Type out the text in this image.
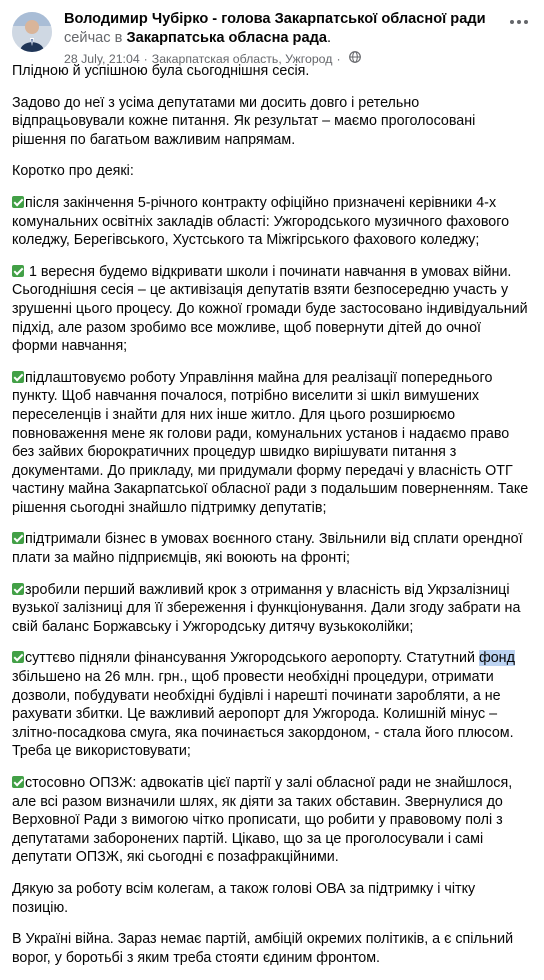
Володимир Чубірко - голова Закарпатської обласної ради сейчас в Закарпатська обласна рада.
28 July, 21:04 · Закарпатская область, Ужгород ·

Плідною й успішною була сьогоднішня сесія.

Задово до неї з усіма депутатами ми досить довго і ретельно відпрацьовували кожне питання. Як результат – маємо проголосовані рішення по багатьом важливим напрямам.

Коротко про деякі:

після закінчення 5-річного контракту офіційно призначені керівники 4-х комунальних освітніх закладів області: Ужгородського музичного фахового коледжу, Берегівського, Хустського та Міжгірського фахового коледжу;

1 вересня будемо відкривати школи і починати навчання в умовах війни. Сьогоднішня сесія – це активізація депутатів взяти безпосередню участь у зрушенні цього процесу. До кожної громади буде застосовано індивідуальний підхід, але разом зробимо все можливе, щоб повернути дітей до очної форми навчання;

підлаштовуємо роботу Управління майна для реалізації попереднього пункту. Щоб навчання почалося, потрібно виселити зі шкіл вимушених переселенців і знайти для них інше житло. Для цього розширюємо повноваження мене як голови ради, комунальних установ і надаємо право без зайвих бюрократичних процедур швидко вирішувати питання з документами. До прикладу, ми придумали форму передачі у власність ОТГ частину майна Закарпатської обласної ради з подальшим поверненням. Таке рішення сьогодні знайшло підтримку депутатів;

підтримали бізнес в умовах воєнного стану. Звільнили від сплати орендної плати за майно підприємців, які воюють на фронті;

зробили перший важливий крок з отримання у власність від Укрзалізниці вузької залізниці для її збереження і функціонування. Дали згоду забрати на свій баланс Боржавську і Ужгородську дитячу вузькоколійки;

суттєво підняли фінансування Ужгородського аеропорту. Статутний фонд збільшено на 26 млн. грн., щоб провести необхідні процедури, отримати дозволи, побудувати необхідні будівлі і нарешті починати заробляти, а не рахувати збитки. Це важливий аеропорт для Ужгорода. Колишній мінус – злітно-посадкова смуга, яка починається закордоном, - стала його плюсом. Треба це використовувати;

стосовно ОПЗЖ: адвокатів цієї партії у залі обласної ради не знайшлося, але всі разом визначили шлях, як діяти за таких обставин. Звернулися до Верховної Ради з вимогою чітко прописати, що робити у правовому полі з депутатами заборонених партій. Цікаво, що за це проголосували і самі депутати ОПЗЖ, які сьогодні є позафракційними.

Дякую за роботу всім колегам, а також голові ОВА за підтримку і чітку позицію.

В Україні війна. Зараз немає партій, амбіцій окремих політиків, а є спільний ворог, у боротьбі з яким треба стояти єдиним фронтом.
